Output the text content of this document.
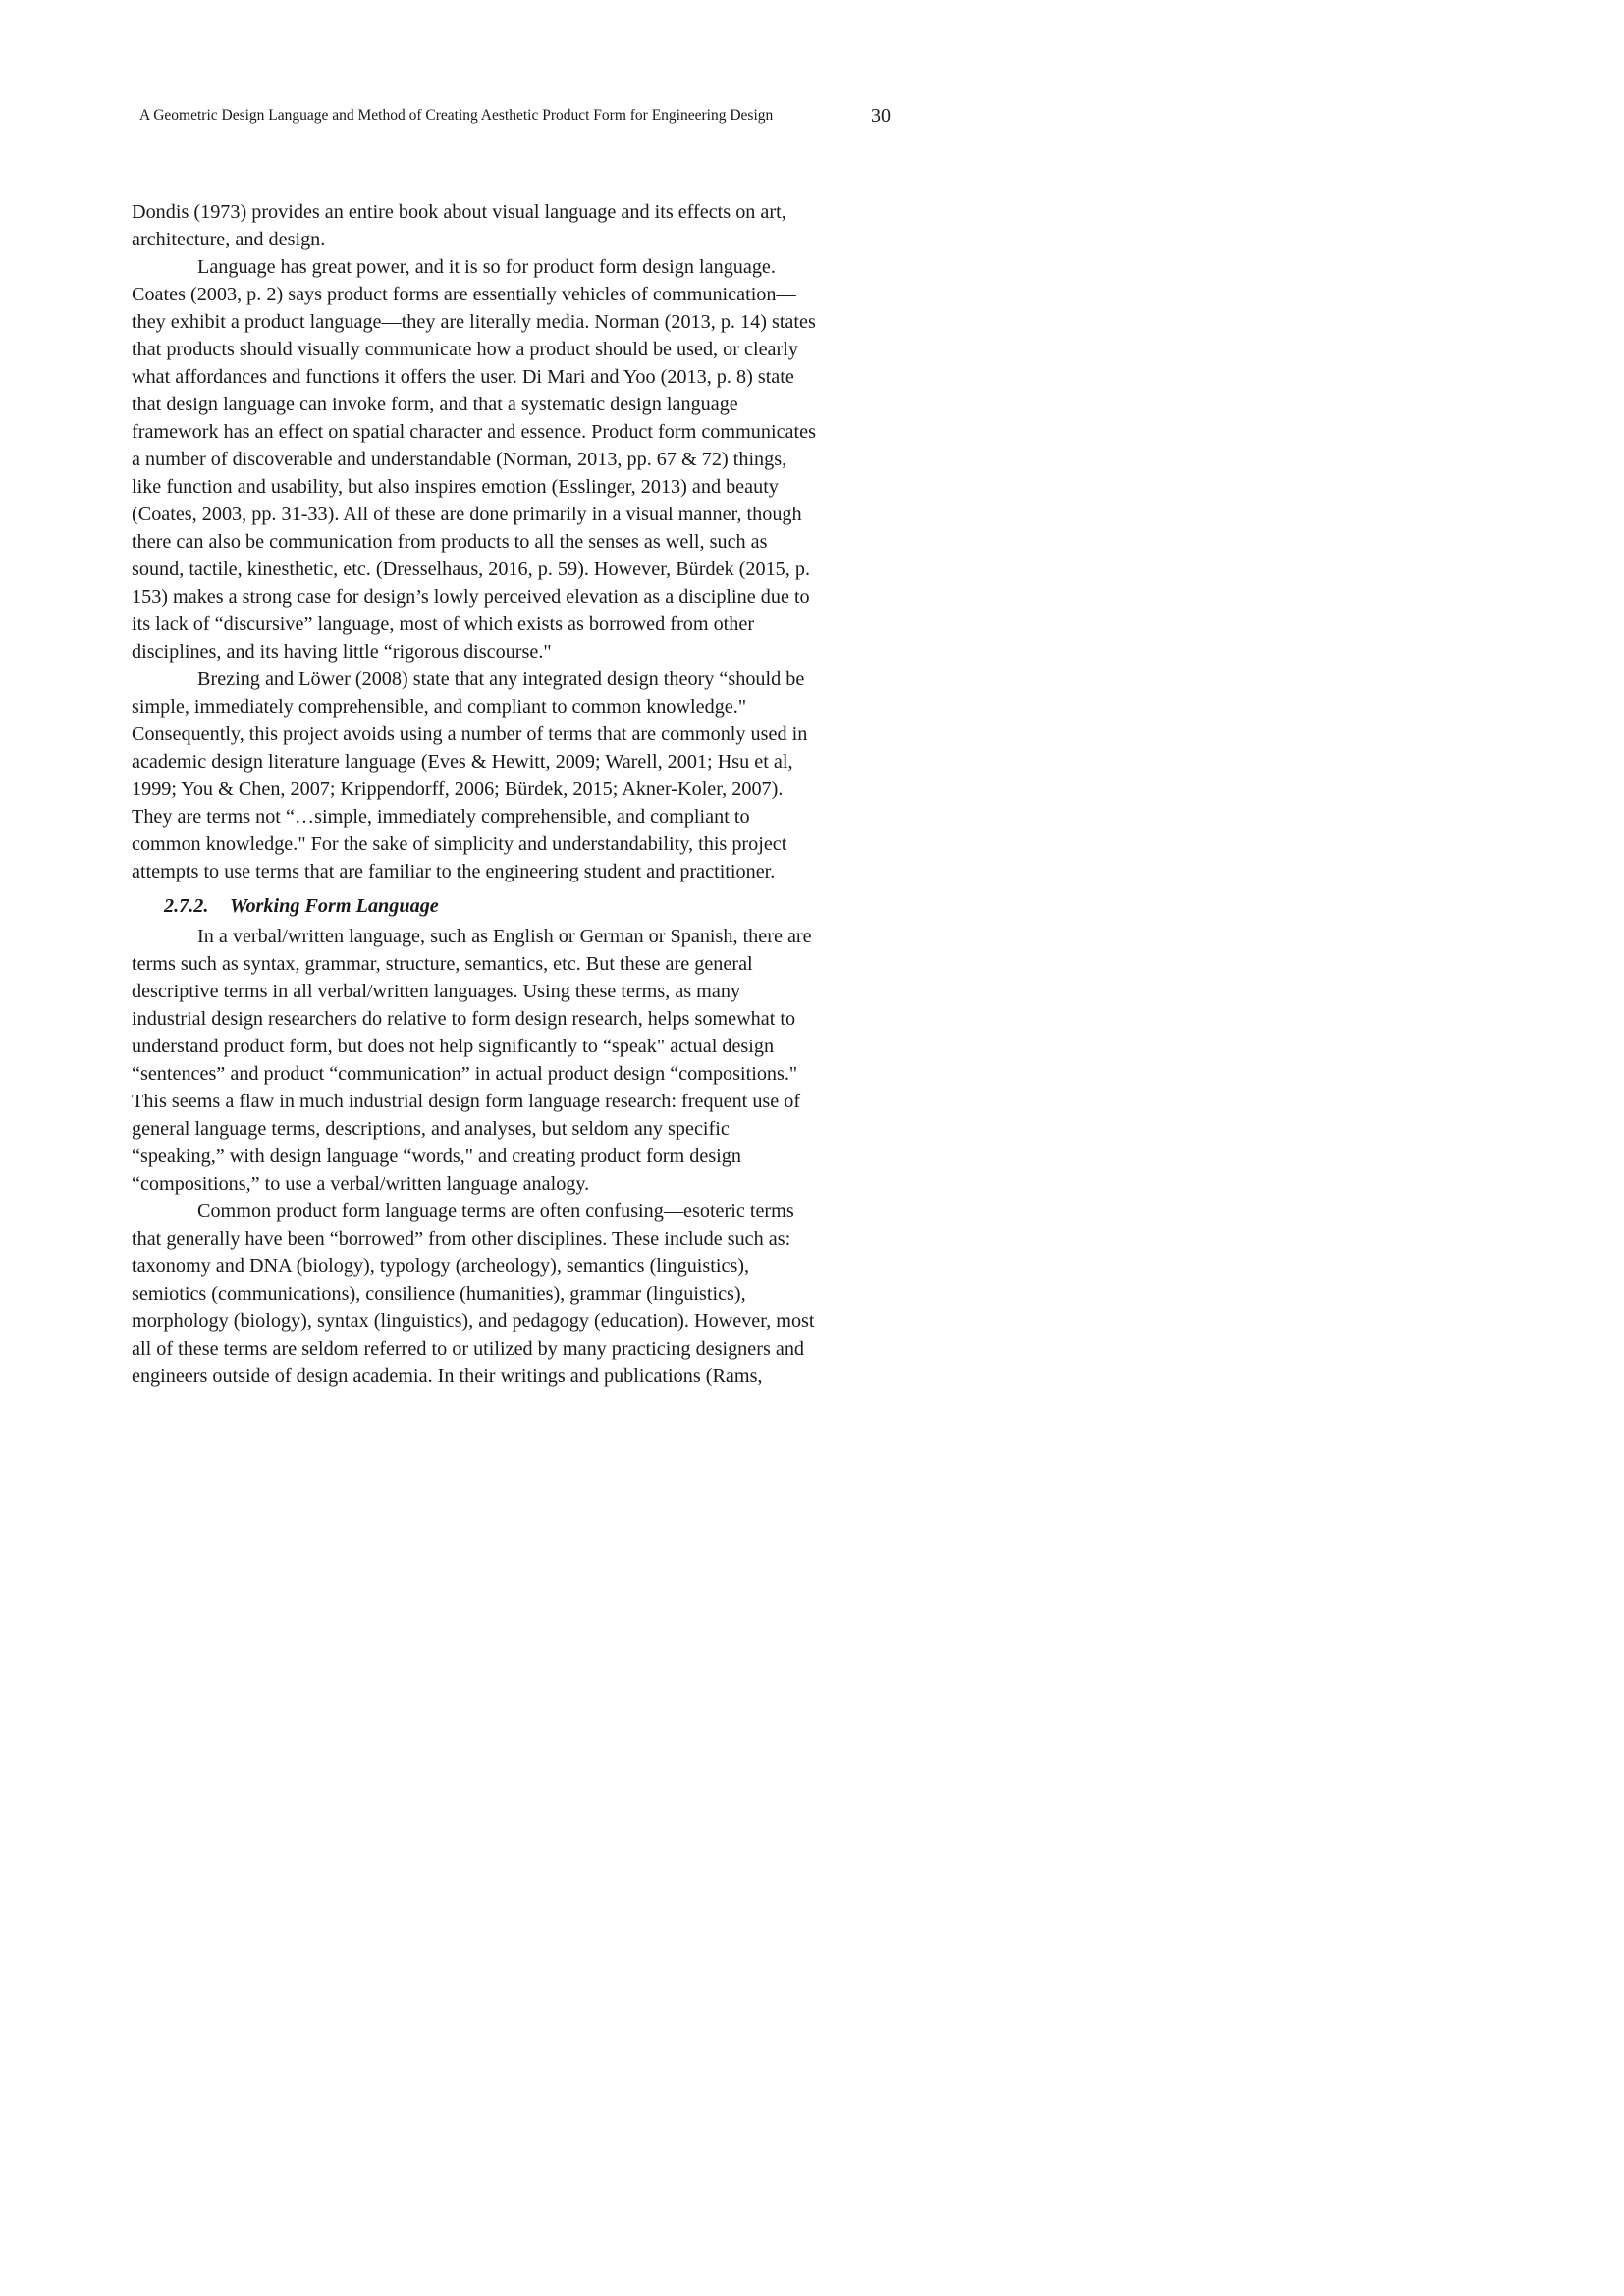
A Geometric Design Language and Method of Creating Aesthetic Product Form for Engineering Design	30
Dondis (1973) provides an entire book about visual language and its effects on art,
architecture, and design.
Language has great power, and it is so for product form design language.
Coates (2003, p. 2) says product forms are essentially vehicles of communication—
they exhibit a product language—they are literally media. Norman (2013, p. 14) states
that products should visually communicate how a product should be used, or clearly
what affordances and functions it offers the user. Di Mari and Yoo (2013, p. 8) state
that design language can invoke form, and that a systematic design language
framework has an effect on spatial character and essence. Product form communicates
a number of discoverable and understandable (Norman, 2013, pp. 67 & 72) things,
like function and usability, but also inspires emotion (Esslinger, 2013) and beauty
(Coates, 2003, pp. 31-33). All of these are done primarily in a visual manner, though
there can also be communication from products to all the senses as well, such as
sound, tactile, kinesthetic, etc. (Dresselhaus, 2016, p. 59). However, Bürdek (2015, p.
153) makes a strong case for design’s lowly perceived elevation as a discipline due to
its lack of “discursive” language, most of which exists as borrowed from other
disciplines, and its having little “rigorous discourse."
Brezing and Löwer (2008) state that any integrated design theory “should be
simple, immediately comprehensible, and compliant to common knowledge."
Consequently, this project avoids using a number of terms that are commonly used in
academic design literature language (Eves & Hewitt, 2009; Warell, 2001; Hsu et al,
1999; You & Chen, 2007; Krippendorff, 2006; Bürdek, 2015; Akner-Koler, 2007).
They are terms not “…simple, immediately comprehensible, and compliant to
common knowledge." For the sake of simplicity and understandability, this project
attempts to use terms that are familiar to the engineering student and practitioner.
2.7.2. Working Form Language
In a verbal/written language, such as English or German or Spanish, there are
terms such as syntax, grammar, structure, semantics, etc. But these are general
descriptive terms in all verbal/written languages. Using these terms, as many
industrial design researchers do relative to form design research, helps somewhat to
understand product form, but does not help significantly to “speak" actual design
“sentences” and product “communication” in actual product design “compositions."
This seems a flaw in much industrial design form language research: frequent use of
general language terms, descriptions, and analyses, but seldom any specific
“speaking,” with design language “words," and creating product form design
“compositions,” to use a verbal/written language analogy.
Common product form language terms are often confusing—esoteric terms
that generally have been “borrowed” from other disciplines. These include such as:
taxonomy and DNA (biology), typology (archeology), semantics (linguistics),
semiotics (communications), consilience (humanities), grammar (linguistics),
morphology (biology), syntax (linguistics), and pedagogy (education). However, most
all of these terms are seldom referred to or utilized by many practicing designers and
engineers outside of design academia. In their writings and publications (Rams,
